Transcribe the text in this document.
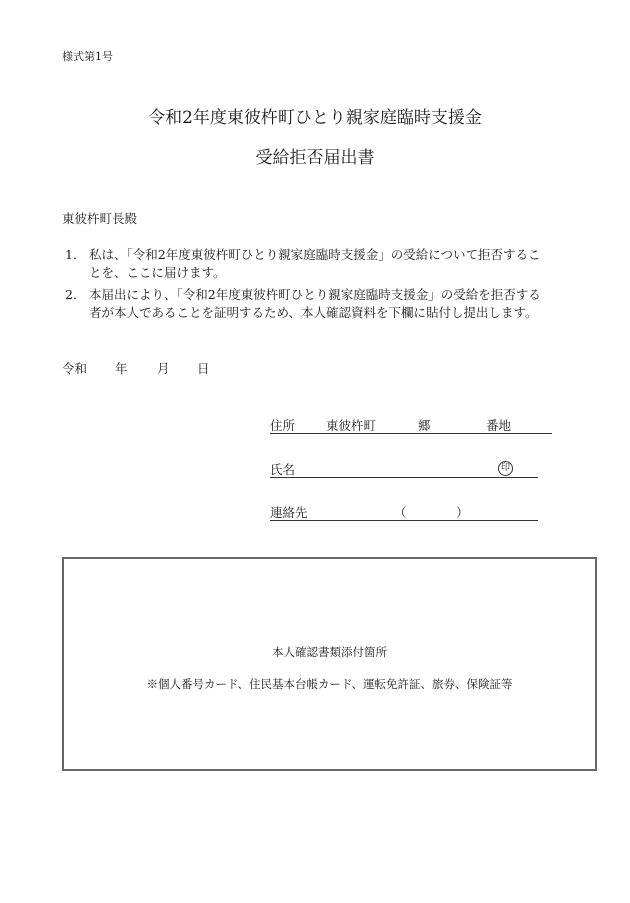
様式第1号
令和2年度東彼杵町ひとり親家庭臨時支援金
受給拒否届出書
東彼杵町長殿
1． 私は、「令和2年度東彼杵町ひとり親家庭臨時支援金」の受給について拒否するこ
とを、ここに届けます。
2． 本届出により、「令和2年度東彼杵町ひとり親家庭臨時支援金」の受給を拒否する
者が本人であることを証明するため、本人確認資料を下欄に貼付し提出します。
令和 年 月 日
住所 東彼杵町	郷	番地
氏名	印
連絡先	（	）
本人確認書類添付箇所
※個人番号カード、住民基本台帳カード、運転免許証、旅券、保険証等
